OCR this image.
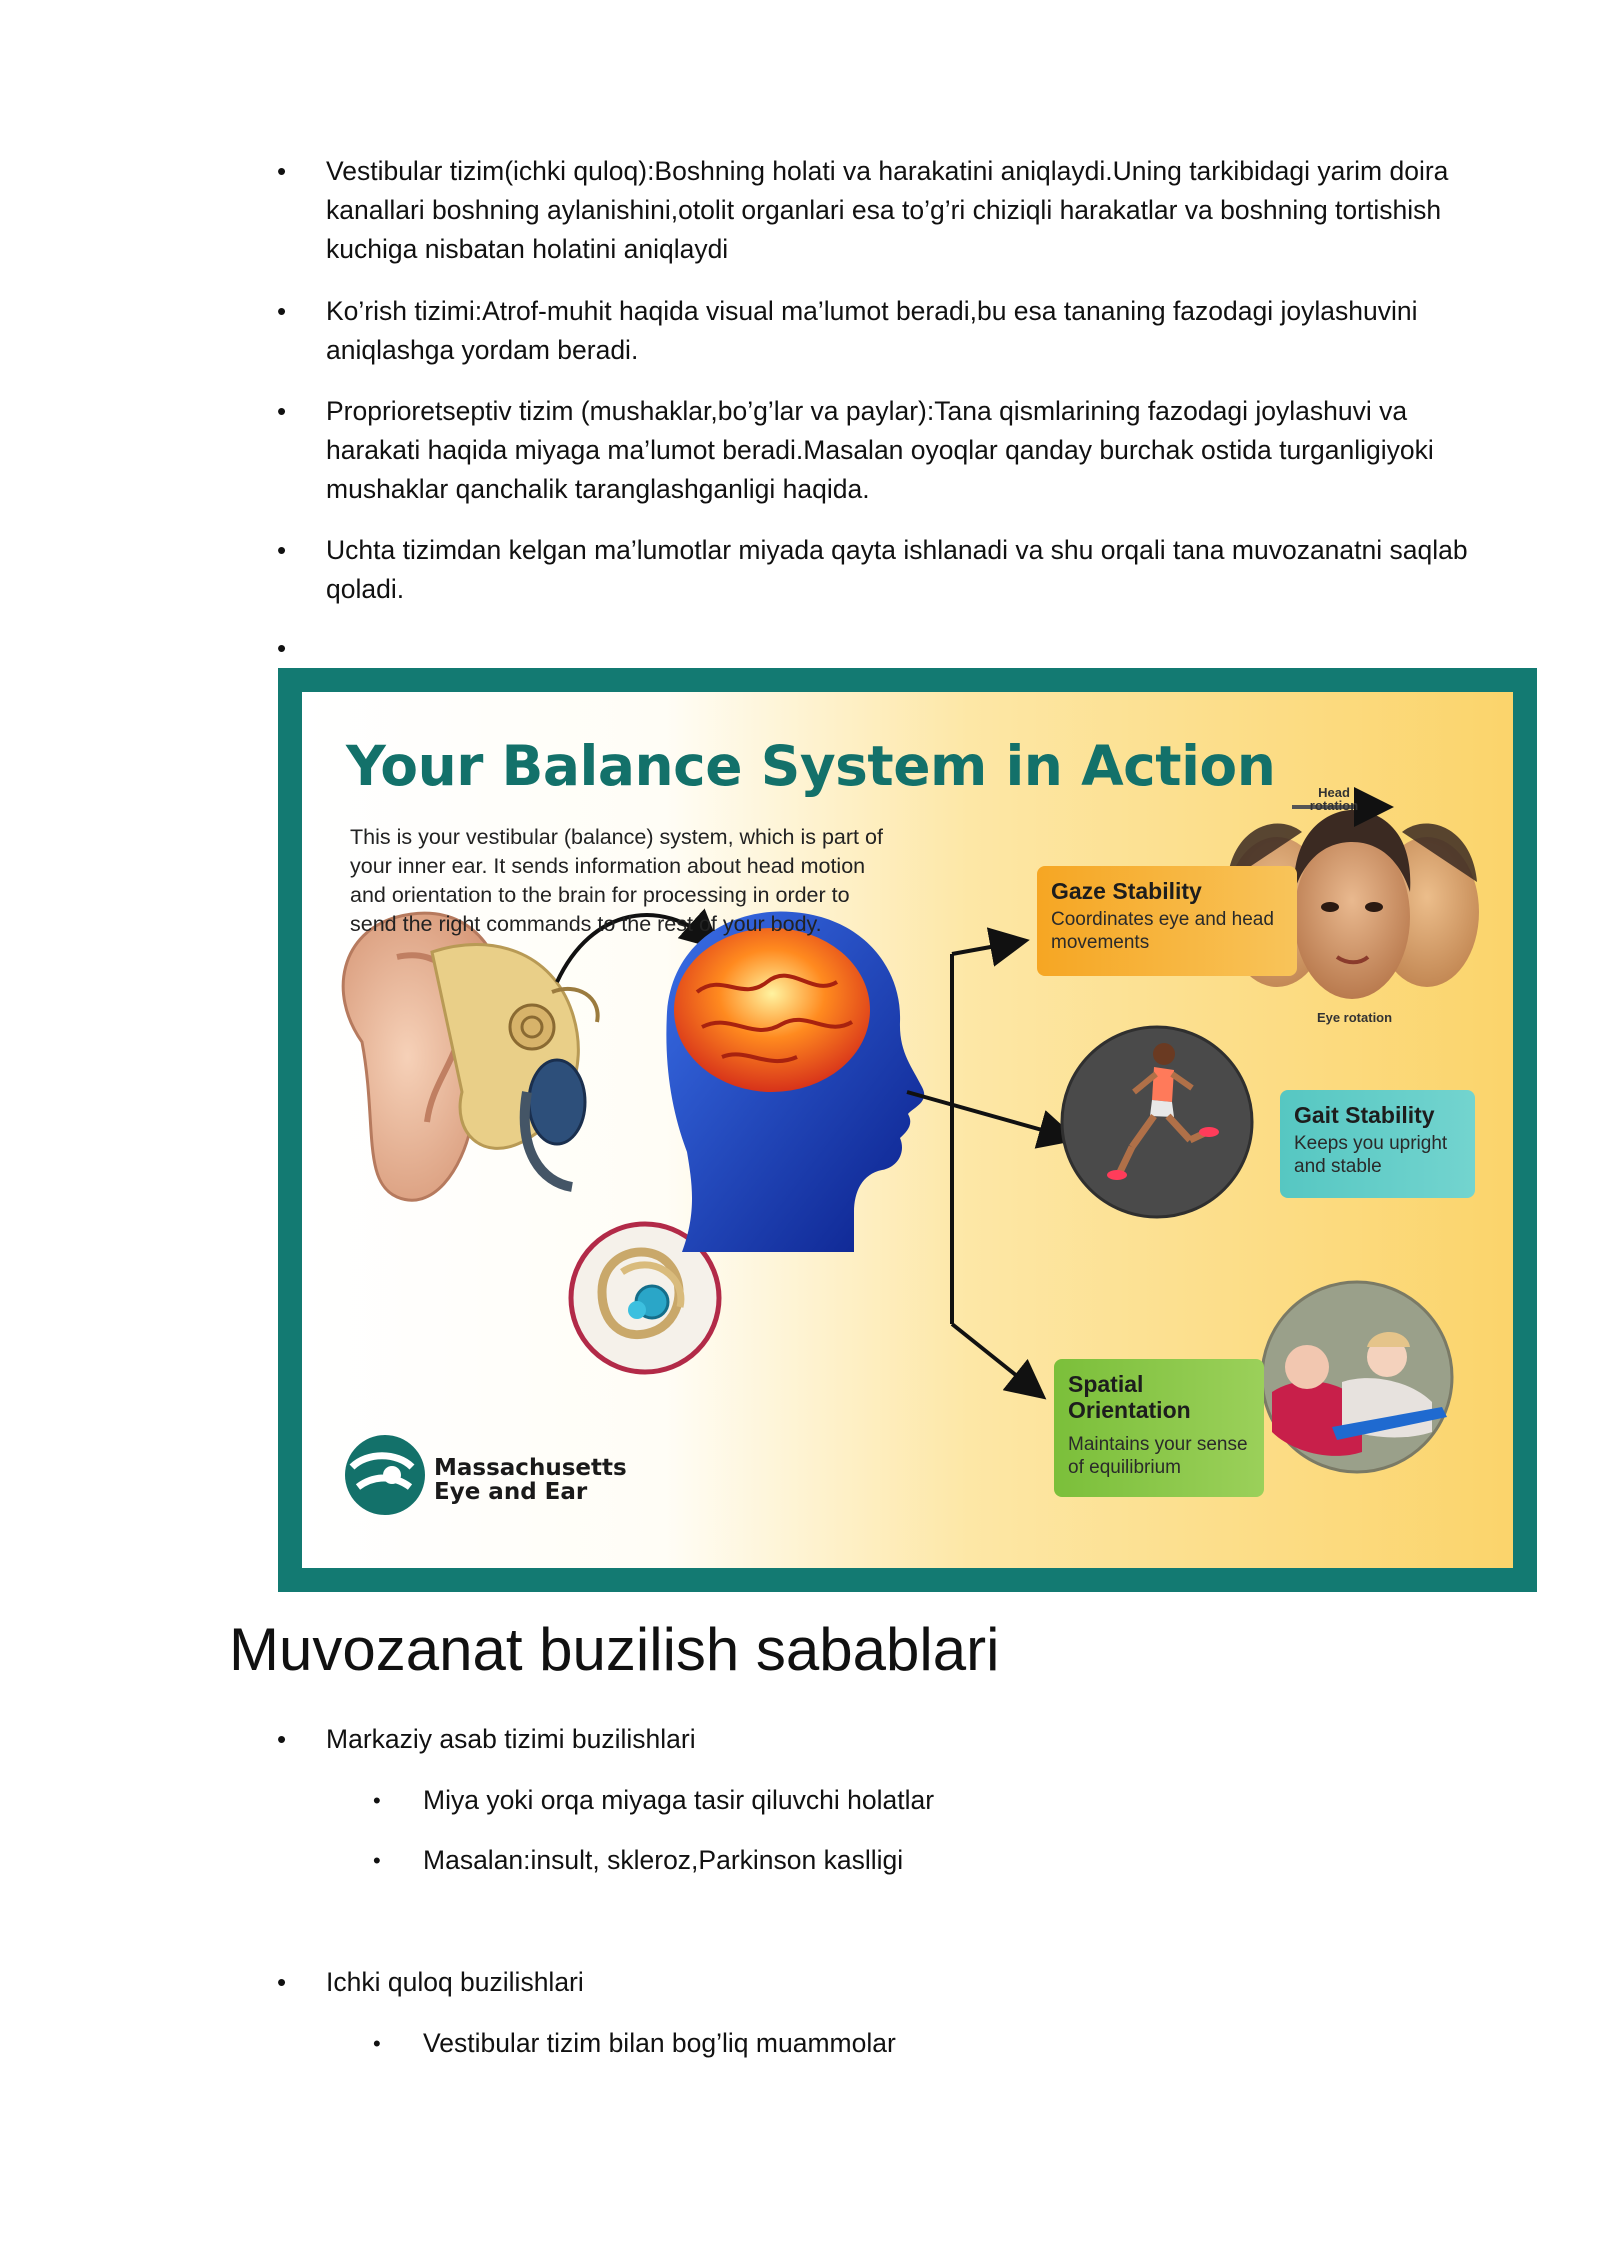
• Vestibular tizim(ichki quloq):Boshning holati va harakatini aniqlaydi.Uning tarkibidagi yarim doira kanallari boshning aylanishini,otolit organlari esa to’g’ri chiziqli harakatlar va boshning tortishish kuchiga nisbatan holatini aniqlaydi

• Ko’rish tizimi:Atrof-muhit haqida visual ma’lumot beradi,bu esa tananing fazodagi joylashuvini aniqlashga yordam beradi.

• Proprioretseptiv tizim (mushaklar,bo’g’lar va paylar):Tana qismlarining fazodagi joylashuvi va harakati haqida miyaga ma’lumot beradi.Masalan oyoqlar qanday burchak ostida turganligiyoki mushaklar qanchalik taranglashganligi haqida.

• Uchta tizimdan kelgan ma’lumotlar miyada qayta ishlanadi va shu orqali tana muvozanatni saqlab qoladi.

•
Your Balance System in Action

This is your vestibular (balance) system, which is part of your inner ear. It sends information about head motion and orientation to the brain for processing in order to send the right commands to the rest of your body.

Head rotation
Eye rotation
Gaze Stability
Coordinates eye and head movements
Gait Stability
Keeps you upright and stable
Spatial Orientation
Maintains your sense of equilibrium
Massachusetts
Eye and Ear
Muvozanat buzilish sabablari
• Markaziy asab tizimi buzilishlari
• Miya yoki orqa miyaga tasir qiluvchi holatlar
• Masalan:insult, skleroz,Parkinson kaslligi
• Ichki quloq buzilishlari
• Vestibular tizim bilan bog’liq muammolar
